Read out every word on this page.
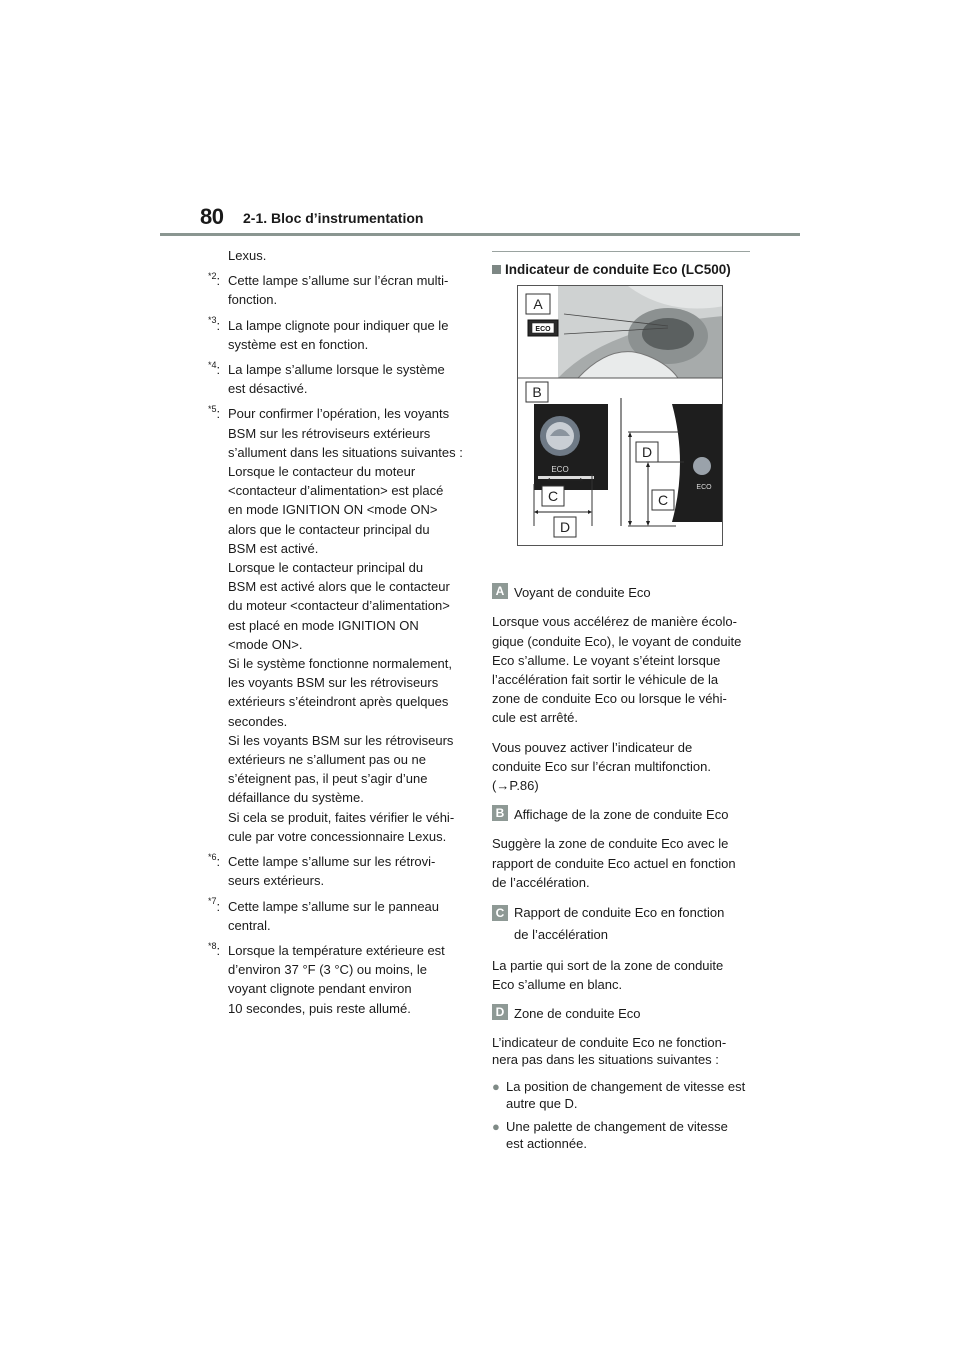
80 2-1. Bloc d’instrumentation
Lexus.
$^{*2}$: Cette lampe s’allume sur l’écran multi-
fonction.
$^{*3}$: La lampe clignote pour indiquer que le
système est en fonction.
$^{*4}$: La lampe s’allume lorsque le système
est désactivé.
$^{*5}$: Pour confirmer l’opération, les voyants
BSM sur les rétroviseurs extérieurs
s’allument dans les situations suivantes :
Lorsque le contacteur du moteur
<contacteur d’alimentation> est placé
en mode IGNITION ON <mode ON>
alors que le contacteur principal du
BSM est activé.
Lorsque le contacteur principal du
BSM est activé alors que le contacteur
du moteur <contacteur d’alimentation>
est placé en mode IGNITION ON
<mode ON>.
Si le système fonctionne normalement,
les voyants BSM sur les rétroviseurs
extérieurs s’éteindront après quelques
secondes.
Si les voyants BSM sur les rétroviseurs
extérieurs ne s’allument pas ou ne
s’éteignent pas, il peut s’agir d’une
défaillance du système.
Si cela se produit, faites vérifier le véhi-
cule par votre concessionnaire Lexus.
$^{*6}$: Cette lampe s’allume sur les rétrovi-
seurs extérieurs.
$^{*7}$: Cette lampe s’allume sur le panneau
central.
$^{*8}$: Lorsque la température extérieure est
d’environ 37 °F (3 °C) ou moins, le
voyant clignote pendant environ
10 secondes, puis reste allumé.
Indicateur de conduite Eco (LC500)
A Voyant de conduite Eco
Lorsque vous accélérez de manière écolo-
gique (conduite Eco), le voyant de conduite
Eco s’allume. Le voyant s’éteint lorsque
l’accélération fait sortir le véhicule de la
zone de conduite Eco ou lorsque le véhi-
cule est arrêté.
Vous pouvez activer l’indicateur de
conduite Eco sur l’écran multifonction.
(→P.86)
B Affichage de la zone de conduite Eco
Suggère la zone de conduite Eco avec le
rapport de conduite Eco actuel en fonction
de l’accélération.
C Rapport de conduite Eco en fonction
de l’accélération
La partie qui sort de la zone de conduite
Eco s’allume en blanc.
D Zone de conduite Eco
L’indicateur de conduite Eco ne fonction-
nera pas dans les situations suivantes :
● La position de changement de vitesse est
autre que D.
● Une palette de changement de vitesse
est actionnée.
A
ECO
B
ECO
C
D
ECO
D
C
